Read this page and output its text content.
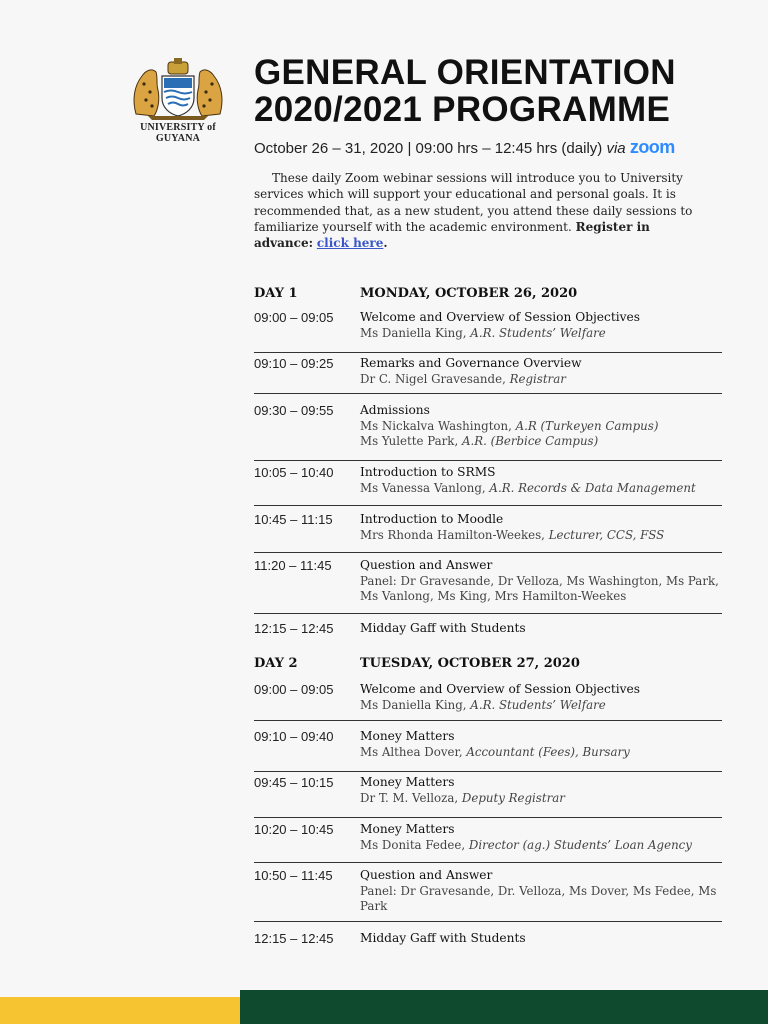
UNIVERSITY of GUYANA
GENERAL ORIENTATION
2020/2021 PROGRAMME
October 26 – 31, 2020 | 09:00 hrs – 12:45 hrs (daily) via zoom

These daily Zoom webinar sessions will introduce you to University services which will support your educational and personal goals. It is recommended that, as a new student, you attend these daily sessions to familiarize yourself with the academic environment. Register in advance: click here.

DAY 1	MONDAY, OCTOBER 26, 2020
09:00 – 09:05 Welcome and Overview of Session Objectives
Ms Daniella King, A.R. Students’ Welfare
09:10 – 09:25 Remarks and Governance Overview
Dr C. Nigel Gravesande, Registrar
09:30 – 09:55 Admissions
Ms Nickalva Washington, A.R (Turkeyen Campus)
Ms Yulette Park, A.R. (Berbice Campus)
10:05 – 10:40 Introduction to SRMS
Ms Vanessa Vanlong, A.R. Records & Data Management
10:45 – 11:15 Introduction to Moodle
Mrs Rhonda Hamilton-Weekes, Lecturer, CCS, FSS
11:20 – 11:45 Question and Answer
Panel: Dr Gravesande, Dr Velloza, Ms Washington, Ms Park, Ms Vanlong, Ms King, Mrs Hamilton-Weekes
12:15 – 12:45 Midday Gaff with Students
DAY 2	TUESDAY, OCTOBER 27, 2020
09:00 – 09:05 Welcome and Overview of Session Objectives
Ms Daniella King, A.R. Students’ Welfare
09:10 – 09:40 Money Matters
Ms Althea Dover, Accountant (Fees), Bursary
09:45 – 10:15 Money Matters
Dr T. M. Velloza, Deputy Registrar
10:20 – 10:45 Money Matters
Ms Donita Fedee, Director (ag.) Students’ Loan Agency
10:50 – 11:45 Question and Answer
Panel: Dr Gravesande, Dr. Velloza, Ms Dover, Ms Fedee, Ms Park
12:15 – 12:45 Midday Gaff with Students
